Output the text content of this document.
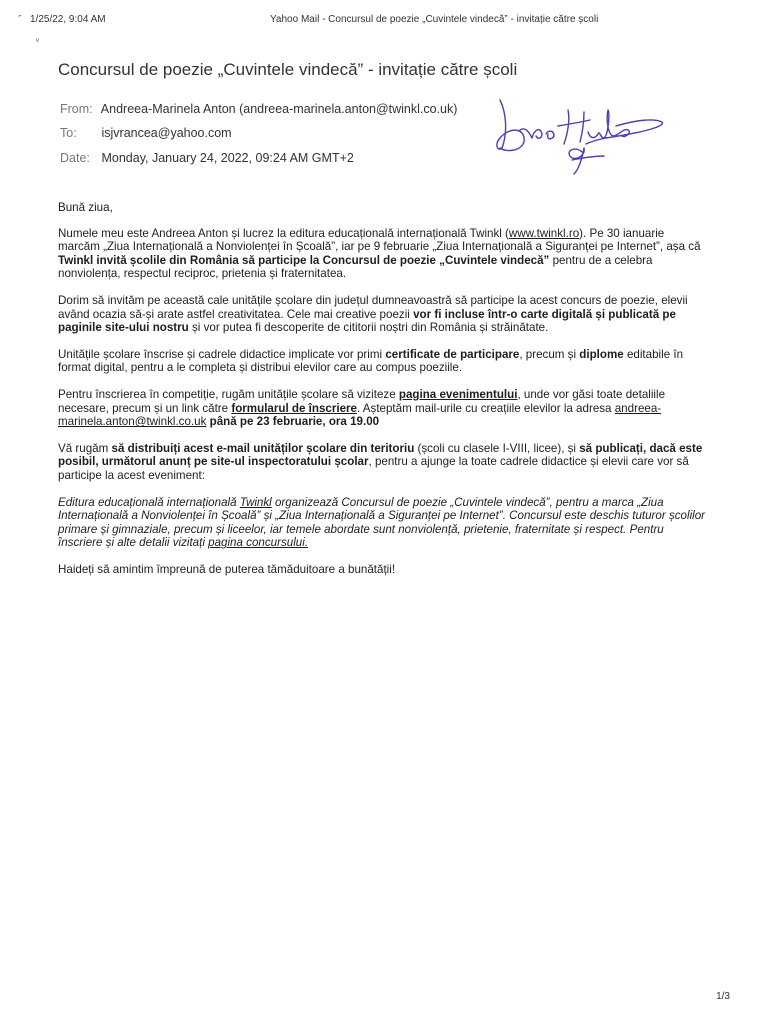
˝ 1/25/22, 9:04 AM	Yahoo Mail - Concursul de poezie „Cuvintele vindecă” - invitație către școli
ᵛ
Concursul de poezie „Cuvintele vindecă” - invitație către școli
From: Andreea-Marinela Anton (andreea-marinela.anton@twinkl.co.uk)
To: isjvrancea@yahoo.com
Date: Monday, January 24, 2022, 09:24 AM GMT+2

Bună ziua,

Numele meu este Andreea Anton și lucrez la editura educațională internațională Twinkl (www.twinkl.ro). Pe 30 ianuarie marcăm „Ziua Internațională a Nonviolenței în Școală”, iar pe 9 februarie „Ziua Internațională a Siguranței pe Internet”, așa că Twinkl invită școlile din România să participe la Concursul de poezie „Cuvintele vindecă” pentru de a celebra nonviolența, respectul reciproc, prietenia și fraternitatea.

Dorim să invităm pe această cale unitățile școlare din județul dumneavoastră să participe la acest concurs de poezie, elevii având ocazia să-și arate astfel creativitatea. Cele mai creative poezii vor fi incluse într-o carte digitală și publicată pe paginile site-ului nostru și vor putea fi descoperite de cititorii noștri din România și străinătate.

Unitățile școlare înscrise și cadrele didactice implicate vor primi certificate de participare, precum și diplome editabile în format digital, pentru a le completa și distribui elevilor care au compus poeziile.

Pentru înscrierea în competiție, rugăm unitățile școlare să viziteze pagina evenimentului, unde vor găsi toate detaliile necesare, precum și un link către formularul de înscriere. Așteptăm mail-urile cu creațiile elevilor la adresa andreea-marinela.anton@twinkl.co.uk până pe 23 februarie, ora 19.00

Vă rugăm să distribuiți acest e-mail unităților școlare din teritoriu (școli cu clasele I-VIII, licee), și să publicați, dacă este posibil, următorul anunț pe site-ul inspectoratului școlar, pentru a ajunge la toate cadrele didactice și elevii care vor să participe la acest eveniment:

Editura educațională internațională Twinkl organizează Concursul de poezie „Cuvintele vindecă”, pentru a marca „Ziua Internațională a Nonviolenței în Școală” și „Ziua Internațională a Siguranței pe Internet”. Concursul este deschis tuturor școlilor primare și gimnaziale, precum și liceelor, iar temele abordate sunt nonviolență, prietenie, fraternitate și respect. Pentru înscriere și alte detalii vizitați pagina concursului.

Haideți să amintim împreună de puterea tămăduitoare a bunătății!

1/3
